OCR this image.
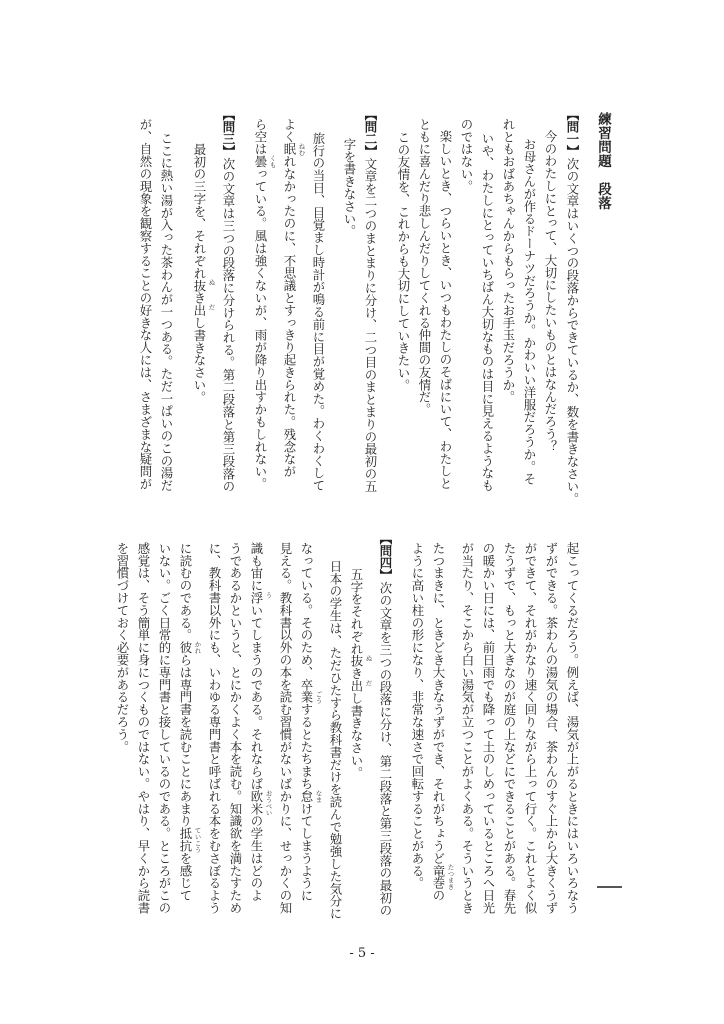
練習問題　段落
【問一】次の文章はいくつの段落からできているか、数を書きなさい。
今のわたしにとって、大切にしたいものとはなんだろう？
お母さんが作るドーナツだろうか。かわいい洋服だろうか。そ
れともおばあちゃんからもらったお手玉だろうか。
いや、わたしにとっていちばん大切なものは目に見えるようなも
のではない。
楽しいとき、つらいとき、いつもわたしのそばにいて、わたしと
ともに喜んだり悲しんだりしてくれる仲間の友情だ。
この友情を、これからも大切にしていきたい。
【問二】文章を二つのまとまりに分け、二つ目のまとまりの最初の五
字を書きなさい。
旅行の当日、目覚まし時計が鳴る前に目が覚めた。わくわくして
よく眠 ねむ
れなかったのに、不思議とすっきり起きられた。残念なが
ら空は曇 くも
っている。風は強くないが、雨が降り出すかもしれない。
【問三】次の文章は三つの段落に分けられる。第二段落と第三段落の
最初の三字を、それぞれ抜 ぬ
き出 だ
し書きなさい。
ここに熱い湯が入った茶わんが一つある。ただ一ぱいのこの湯だ
が、自然の現象を観察することの好きな人には、さまざまな疑問が
起こってくるだろう。例えば、湯気が上がるときにはいろいろなう
ずができる。茶わんの湯気の場合、茶わんのすぐ上から大きくうず
ができて、それがかなり速く回りながら上って行く。これとよく似
たうずで、もっと大きなのが庭の上などにできることがある。春先
の暖かい日には、前日雨でも降って土のしめっているところへ日光
が当たり、そこから白い湯気が立つことがよくある。そういうとき
たつまきに、ときどき大きなうずができ、それがちょうど竜巻 たつまき
の
ように高い柱の形になり、非常な速さで回転することがある。
【問四】次の文章を三つの段落に分け、第二段落と第三段落の最初の
五字をそれぞれ抜 ぬ
き出 だ
し書きなさい。
日本の学生は、ただひたすら教科書だけを読んで勉強した気分に
なっている。そのため、卒業 ごう
するとたちまち怠 なま
けてしまうように
見える。教科書以外の本を読む習慣がないばかりに、せっかくの知
識も宙に浮 う
いてしまうのである。それならば欧米 おうべい
の学生はどのよ
うであるかというと、とにかくよく本を読む。知識欲を満たすため
に、教科書以外にも、いわゆる専門書と呼ばれる本をむさぼるよう
に読むのである。彼 かれ
らは専門書を読むことにあまり抵抗 ていこう
を感じて
いない。ごく日常的に専門書と接しているのである。ところがこの
感覚は、そう簡単に身につくものではない。やはり、早くから読書
を習慣づけておく必要があるだろう。
- 5 -
